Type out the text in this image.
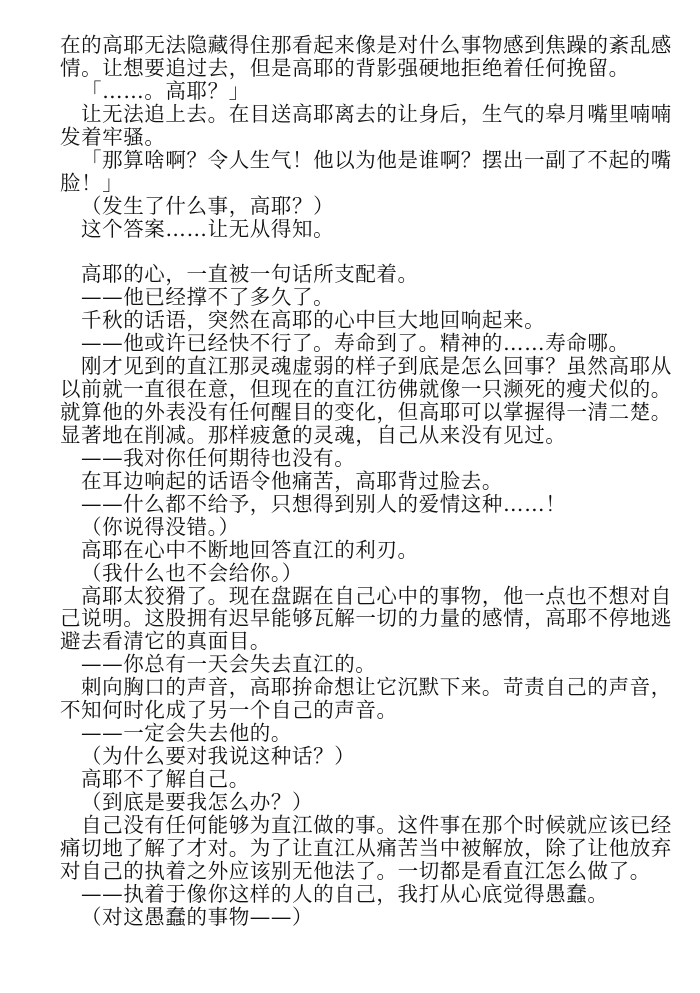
在的高耶无法隐藏得住那看起来像是对什么事物感到焦躁的紊乱感
情。让想要追过去，但是高耶的背影强硬地拒绝着任何挽留。
「……。高耶？」
让无法追上去。在目送高耶离去的让身后，生气的皋月嘴里喃喃
发着牢骚。
「那算啥啊？令人生气！他以为他是谁啊？摆出一副了不起的嘴
脸！」
（发生了什么事，高耶？）
这个答案……让无从得知。
高耶的心，一直被一句话所支配着。
——他已经撑不了多久了。
千秋的话语，突然在高耶的心中巨大地回响起来。
——他或许已经快不行了。寿命到了。精神的……寿命哪。
刚才见到的直江那灵魂虚弱的样子到底是怎么回事？虽然高耶从
以前就一直很在意，但现在的直江彷佛就像一只濒死的瘦犬似的。
就算他的外表没有任何醒目的变化，但高耶可以掌握得一清二楚。
显著地在削减。那样疲惫的灵魂，自己从来没有见过。
——我对你任何期待也没有。
在耳边响起的话语令他痛苦，高耶背过脸去。
——什么都不给予，只想得到别人的爱情这种……！
（你说得没错。）
高耶在心中不断地回答直江的利刃。
（我什么也不会给你。）
高耶太狡猾了。现在盘踞在自己心中的事物，他一点也不想对自
己说明。这股拥有迟早能够瓦解一切的力量的感情，高耶不停地逃
避去看清它的真面目。
——你总有一天会失去直江的。
刺向胸口的声音，高耶拚命想让它沉默下来。苛责自己的声音，
不知何时化成了另一个自己的声音。
——一定会失去他的。
（为什么要对我说这种话？）
高耶不了解自己。
（到底是要我怎么办？）
自己没有任何能够为直江做的事。这件事在那个时候就应该已经
痛切地了解了才对。为了让直江从痛苦当中被解放，除了让他放弃
对自己的执着之外应该别无他法了。一切都是看直江怎么做了。
——执着于像你这样的人的自己，我打从心底觉得愚蠢。
（对这愚蠢的事物——）
